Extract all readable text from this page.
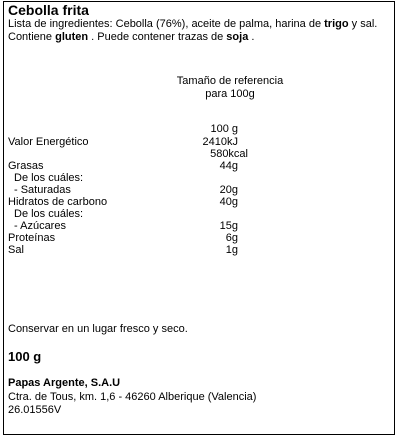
Cebolla frita
Lista de ingredientes: Cebolla (76%), aceite de palma, harina de trigo y sal.
Contiene gluten . Puede contener trazas de soja .
Tamaño de referencia
para 100g
100 g
Valor Energético	2410kJ
580kcal
Grasas	44g
De los cuáles:
- Saturadas	20g
Hidratos de carbono	40g
De los cuáles:
- Azúcares	15g
Proteínas	6g
Sal	1g
Conservar en un lugar fresco y seco.
100 g
Papas Argente, S.A.U
Ctra. de Tous, km. 1,6 - 46260 Alberique (Valencia)
26.01556V
